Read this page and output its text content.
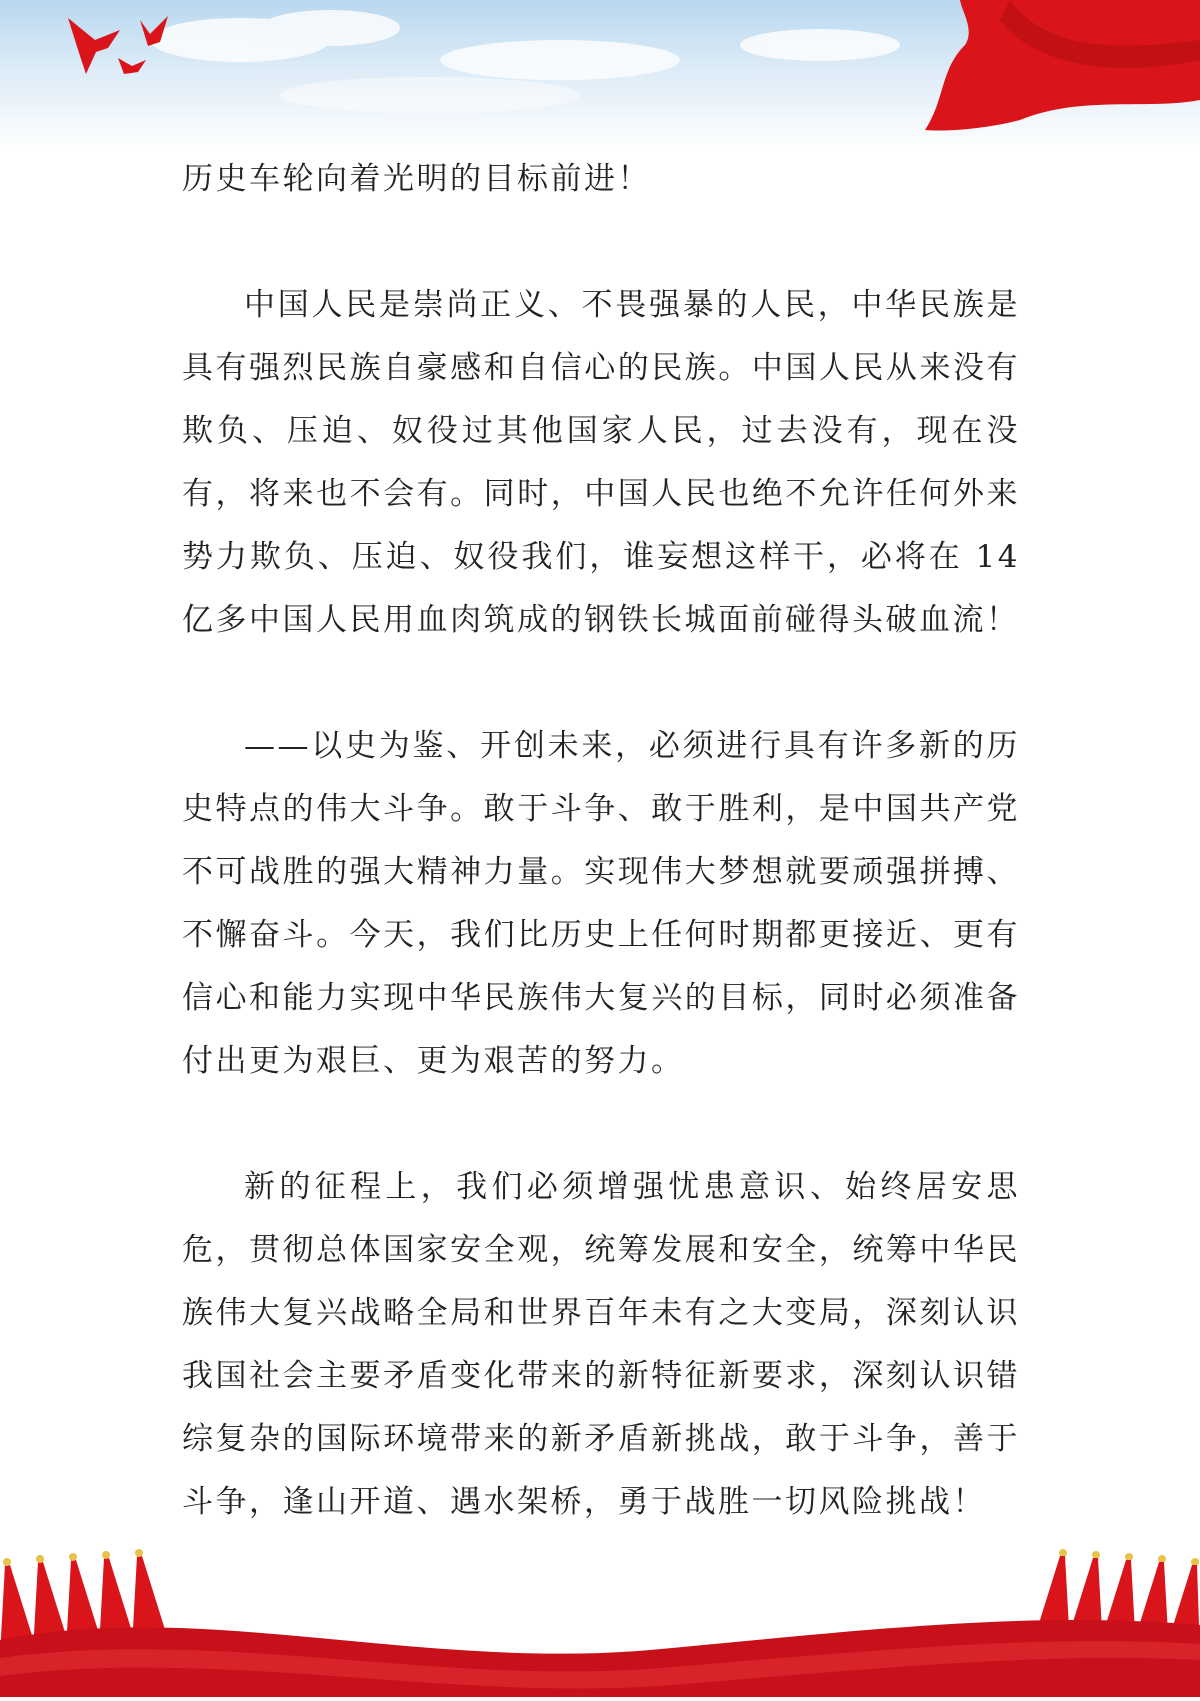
历史车轮向着光明的目标前进！

中国人民是崇尚正义、不畏强暴的人民，中华民族是具有强烈民族自豪感和自信心的民族。中国人民从来没有欺负、压迫、奴役过其他国家人民，过去没有，现在没有，将来也不会有。同时，中国人民也绝不允许任何外来势力欺负、压迫、奴役我们，谁妄想这样干，必将在 14 亿多中国人民用血肉筑成的钢铁长城面前碰得头破血流！

——以史为鉴、开创未来，必须进行具有许多新的历史特点的伟大斗争。敢于斗争、敢于胜利，是中国共产党不可战胜的强大精神力量。实现伟大梦想就要顽强拼搏、不懈奋斗。今天，我们比历史上任何时期都更接近、更有信心和能力实现中华民族伟大复兴的目标，同时必须准备付出更为艰巨、更为艰苦的努力。

新的征程上，我们必须增强忧患意识、始终居安思危，贯彻总体国家安全观，统筹发展和安全，统筹中华民族伟大复兴战略全局和世界百年未有之大变局，深刻认识我国社会主要矛盾变化带来的新特征新要求，深刻认识错综复杂的国际环境带来的新矛盾新挑战，敢于斗争，善于斗争，逢山开道、遇水架桥，勇于战胜一切风险挑战！
